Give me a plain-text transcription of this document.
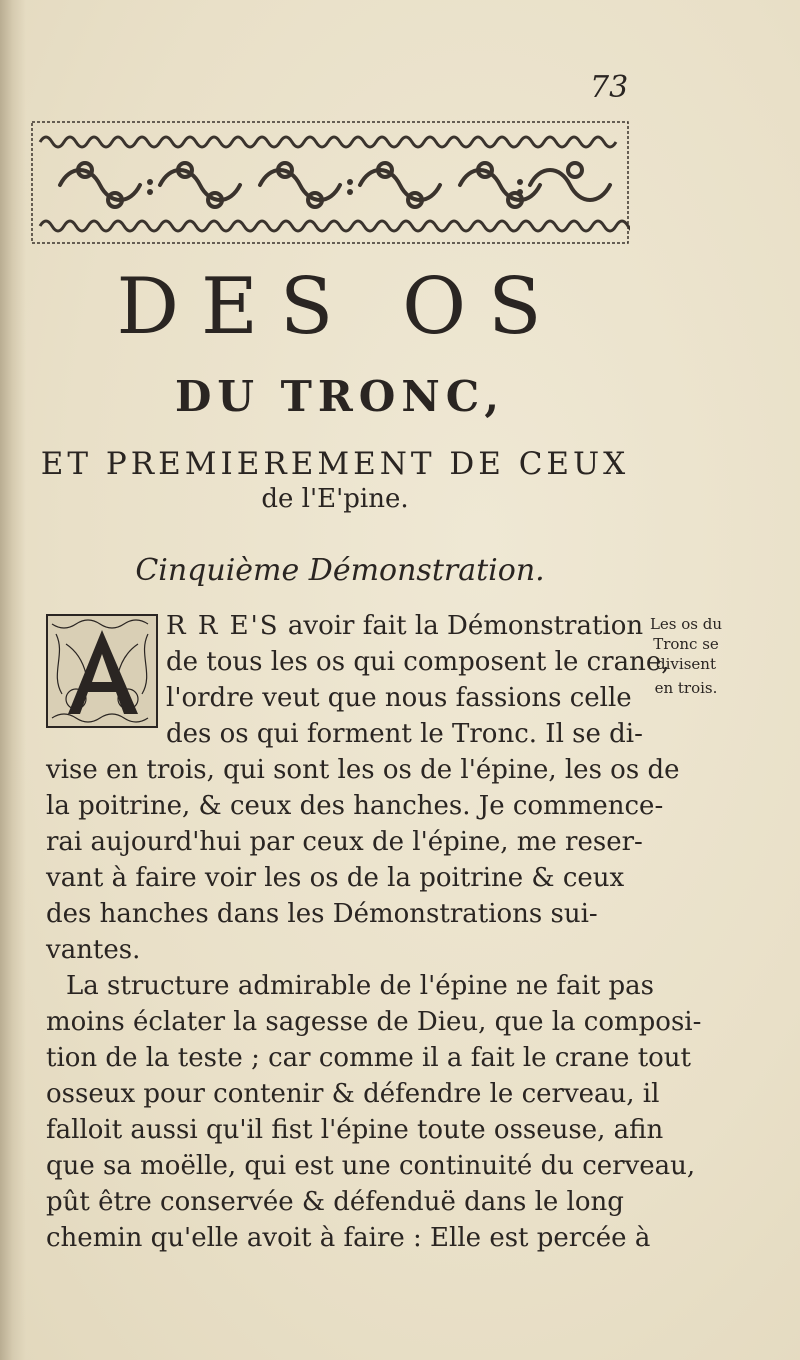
73
DES OS
DU TRONC,
ET PREMIEREMENT DE CEUX
de l'E'pine.
Cinquième Démonstration.
R R E'S avoir fait la Démonstration
de tous les os qui composent le crane,
l'ordre veut que nous fassions celle
des os qui forment le Tronc. Il se di-
vise en trois, qui sont les os de l'épine, les os de
la poitrine, & ceux des hanches. Je commence-
rai aujourd'hui par ceux de l'épine, me reser-
vant à faire voir les os de la poitrine & ceux
des hanches dans les Démonstrations sui-
vantes.
La structure admirable de l'épine ne fait pas
moins éclater la sagesse de Dieu, que la composi-
tion de la teste ; car comme il a fait le crane tout
osseux pour contenir & défendre le cerveau, il
falloit aussi qu'il fist l'épine toute osseuse, afin
que sa moëlle, qui est une continuité du cerveau,
pût être conservée & défenduë dans le long
chemin qu'elle avoit à faire : Elle est percée à
Les os du
Tronc se
divisent
en trois.
